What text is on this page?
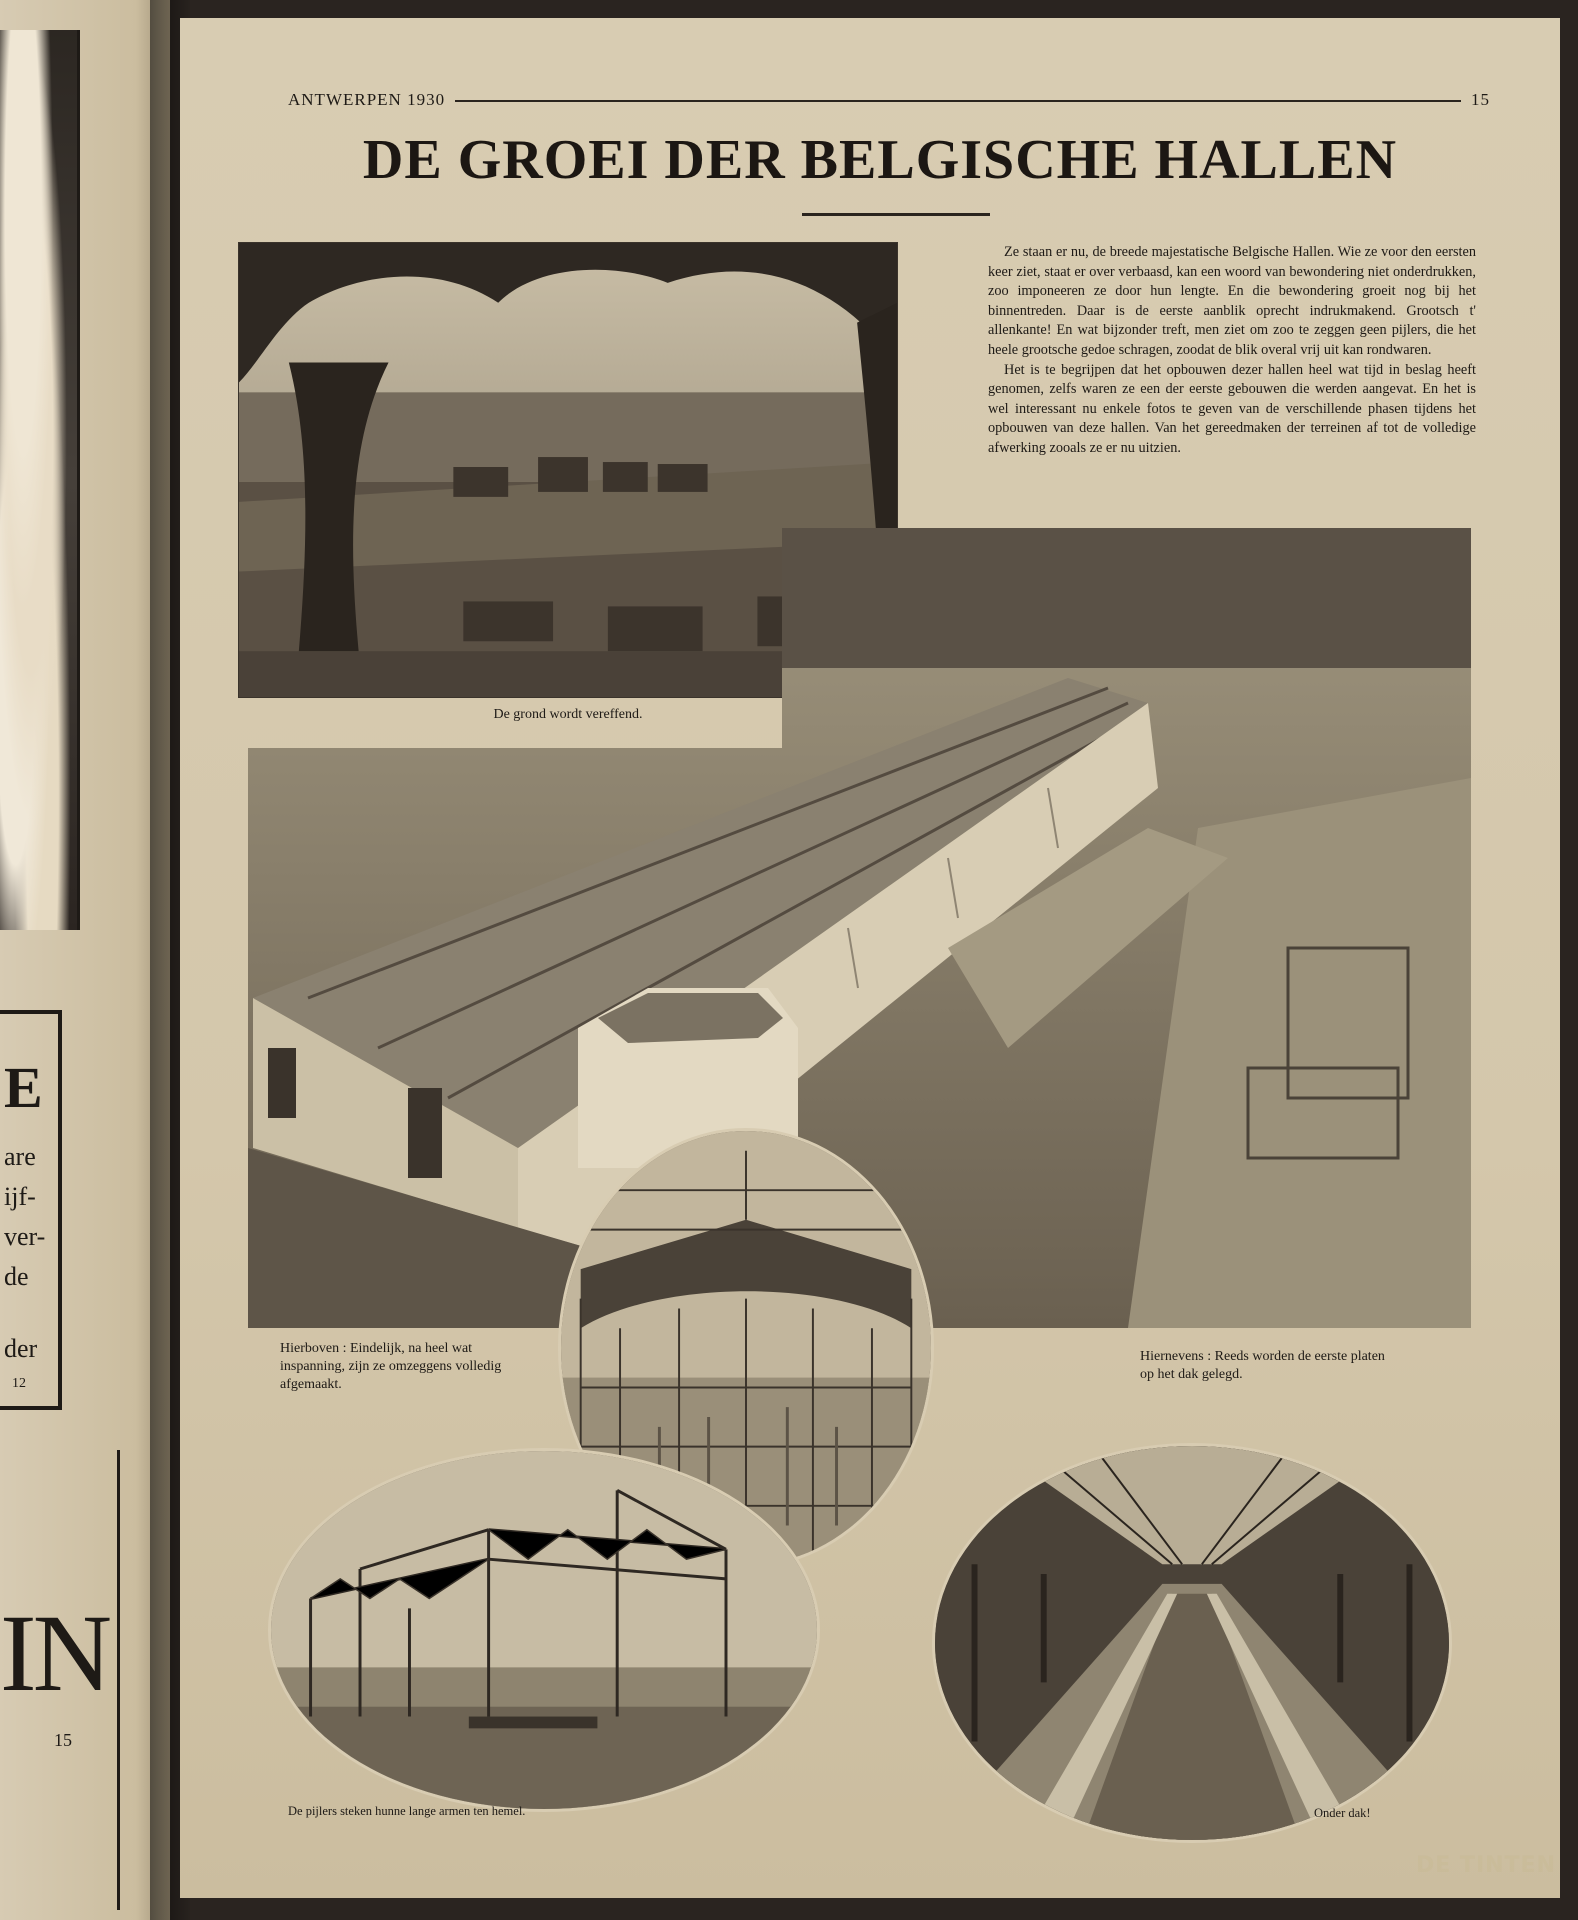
E
are
ijf-
ver-
de
der
12
IN
15
ANTWERPEN 1930	15
DE GROEI DER BELGISCHE HALLEN
De grond wordt vereffend.

Ze staan er nu, de breede majestatische Belgische Hallen. Wie ze voor den eersten keer ziet, staat er over verbaasd, kan een woord van bewondering niet onderdrukken, zoo imponeeren ze door hun lengte. En die bewondering groeit nog bij het binnentreden. Daar is de eerste aanblik oprecht indrukmakend. Grootsch t' allenkante! En wat bijzonder treft, men ziet om zoo te zeggen geen pijlers, die het heele grootsche gedoe schragen, zoodat de blik overal vrij uit kan rondwaren.

Het is te begrijpen dat het opbouwen dezer hallen heel wat tijd in beslag heeft genomen, zelfs waren ze een der eerste gebouwen die werden aangevat. En het is wel interessant nu enkele fotos te geven van de verschillende phasen tijdens het opbouwen van deze hallen. Van het gereedmaken der terreinen af tot de volledige afwerking zooals ze er nu uitzien.

Hierboven : Eindelijk, na heel wat inspanning, zijn ze omzeggens volledig afgemaakt.
Hiernevens : Reeds worden de eerste platen op het dak gelegd.
De pijlers steken hunne lange armen ten hemel.	Onder dak!
DE TINTEN
